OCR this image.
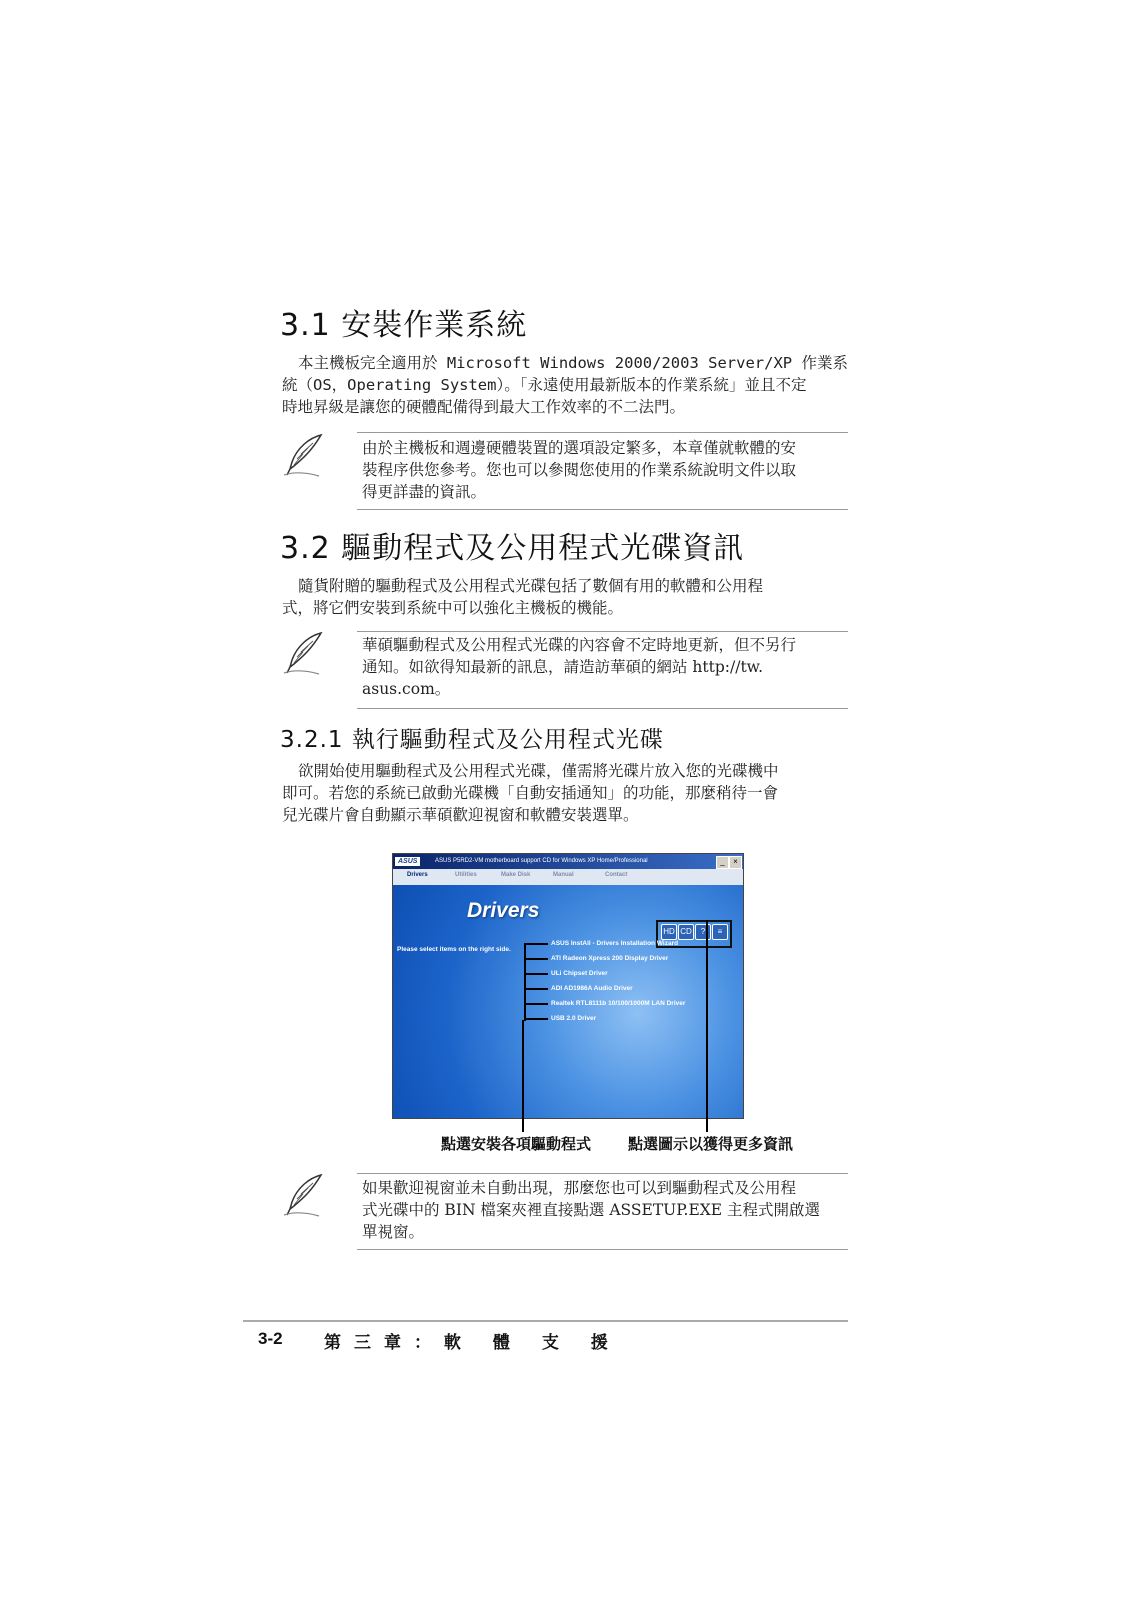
3.1 安裝作業系統
本主機板完全適用於 Microsoft Windows 2000/2003 Server/XP 作業系
統（OS，Operating System）。「永遠使用最新版本的作業系統」並且不定
時地昇級是讓您的硬體配備得到最大工作效率的不二法門。
由於主機板和週邊硬體裝置的選項設定繁多，本章僅就軟體的安
裝程序供您參考。您也可以參閱您使用的作業系統說明文件以取
得更詳盡的資訊。
3.2 驅動程式及公用程式光碟資訊
隨貨附贈的驅動程式及公用程式光碟包括了數個有用的軟體和公用程
式，將它們安裝到系統中可以強化主機板的機能。
華碩驅動程式及公用程式光碟的內容會不定時地更新，但不另行
通知。如欲得知最新的訊息，請造訪華碩的網站 http://tw.
asus.com。
3.2.1 執行驅動程式及公用程式光碟
欲開始使用驅動程式及公用程式光碟，僅需將光碟片放入您的光碟機中
即可。若您的系統已啟動光碟機「自動安插通知」的功能，那麼稍待一會
兒光碟片會自動顯示華碩歡迎視窗和軟體安裝選單。
ASUS	ASUS P5RD2-VM motherboard support CD for Windows XP Home/Professional	_	×
Drivers	Utilities	Make Disk	Manual	Contact
Drivers
HD CD	?	≡
Please select items on the right side.
ASUS InstAll - Drivers Installation Wizard
ATI Radeon Xpress 200 Display Driver
ULi Chipset Driver
ADI AD1986A Audio Driver
Realtek RTL8111b 10/100/1000M LAN Driver
USB 2.0 Driver
點選安裝各項驅動程式 點選圖示以獲得更多資訊
如果歡迎視窗並未自動出現，那麼您也可以到驅動程式及公用程
式光碟中的 BIN 檔案夾裡直接點選 ASSETUP.EXE 主程式開啟選
單視窗。
3-2 第三章：軟 體 支 援
